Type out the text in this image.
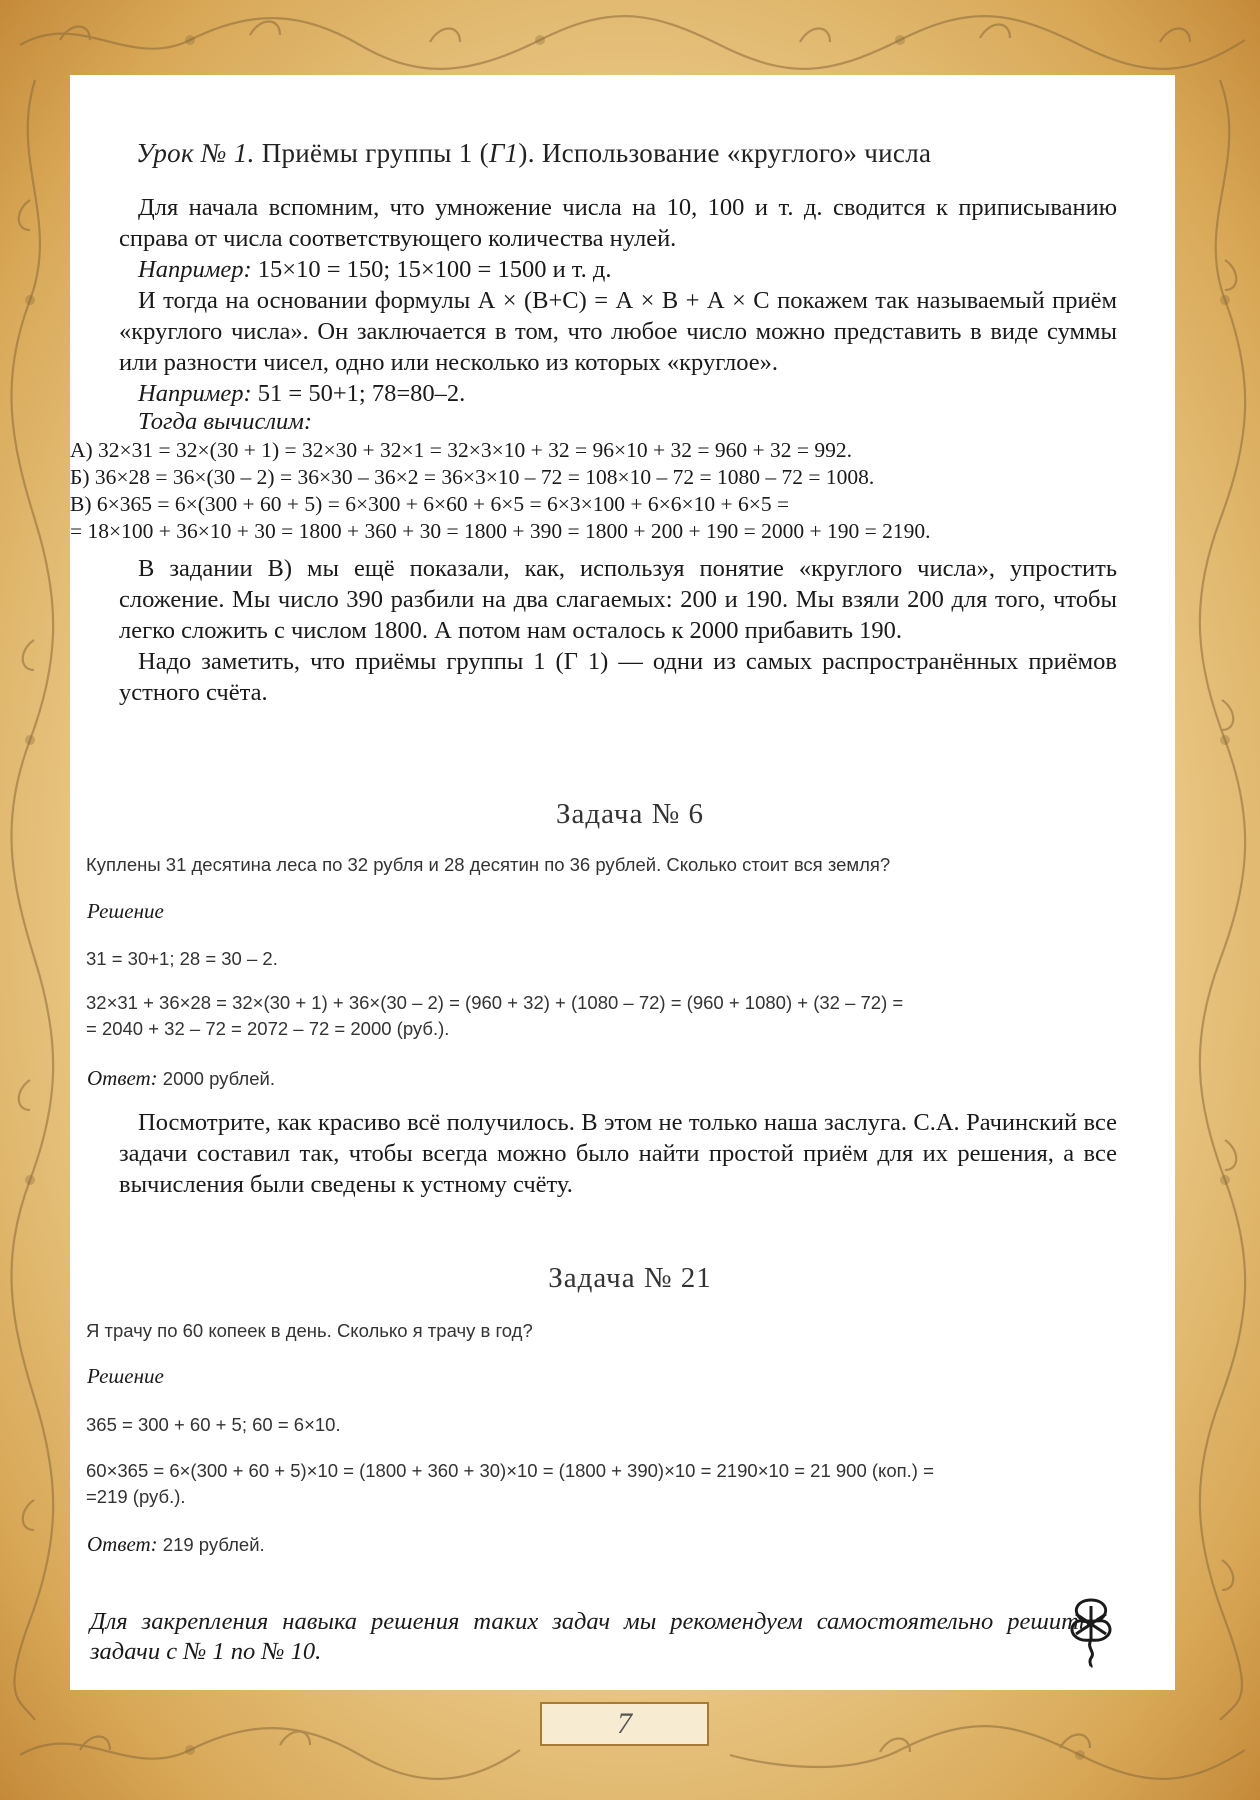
Урок № 1. Приёмы группы 1 (Г1). Использование «круглого» числа

Для начала вспомним, что умножение числа на 10, 100 и т. д. сводится к приписыванию справа от числа соответствующего количества нулей.

Например: 15×10 = 150; 15×100 = 1500 и т. д.

И тогда на основании формулы А × (В+С) = А × В + А × С покажем так называемый приём «круглого числа». Он заключается в том, что любое число можно представить в виде суммы или разности чисел, одно или несколько из которых «круглое».

Например: 51 = 50+1; 78=80–2.

Тогда вычислим:

А) 32×31 = 32×(30 + 1) = 32×30 + 32×1 = 32×3×10 + 32 = 96×10 + 32 = 960 + 32 = 992.

Б) 36×28 = 36×(30 – 2) = 36×30 – 36×2 = 36×3×10 – 72 = 108×10 – 72 = 1080 – 72 = 1008.

В) 6×365 = 6×(300 + 60 + 5) = 6×300 + 6×60 + 6×5 = 6×3×100 + 6×6×10 + 6×5 =

= 18×100 + 36×10 + 30 = 1800 + 360 + 30 = 1800 + 390 = 1800 + 200 + 190 = 2000 + 190 = 2190.

В задании В) мы ещё показали, как, используя понятие «круглого числа», упростить сложение. Мы число 390 разбили на два слагаемых: 200 и 190. Мы взяли 200 для того, чтобы легко сложить с числом 1800. А потом нам осталось к 2000 прибавить 190.

Надо заметить, что приёмы группы 1 (Г 1) — одни из самых распространённых приёмов устного счёта.

Задача № 6
Куплены 31 десятина леса по 32 рубля и 28 десятин по 36 рублей. Сколько стоит вся земля?
Решение
31 = 30+1; 28 = 30 – 2.
32×31 + 36×28 = 32×(30 + 1) + 36×(30 – 2) = (960 + 32) + (1080 – 72) = (960 + 1080) + (32 – 72) =
= 2040 + 32 – 72 = 2072 – 72 = 2000 (руб.).
Ответ: 2000 рублей.

Посмотрите, как красиво всё получилось. В этом не только наша заслуга. С.А. Рачинский все задачи составил так, чтобы всегда можно было найти простой приём для их решения, а все вычисления были сведены к устному счёту.

Задача № 21
Я трачу по 60 копеек в день. Сколько я трачу в год?
Решение
365 = 300 + 60 + 5; 60 = 6×10.
60×365 = 6×(300 + 60 + 5)×10 = (1800 + 360 + 30)×10 = (1800 + 390)×10 = 2190×10 = 21 900 (коп.) =
=219 (руб.).
Ответ: 219 рублей.
Для закрепления навыка решения таких задач мы рекомендуем самостоятельно решить задачи с № 1 по № 10.
7
